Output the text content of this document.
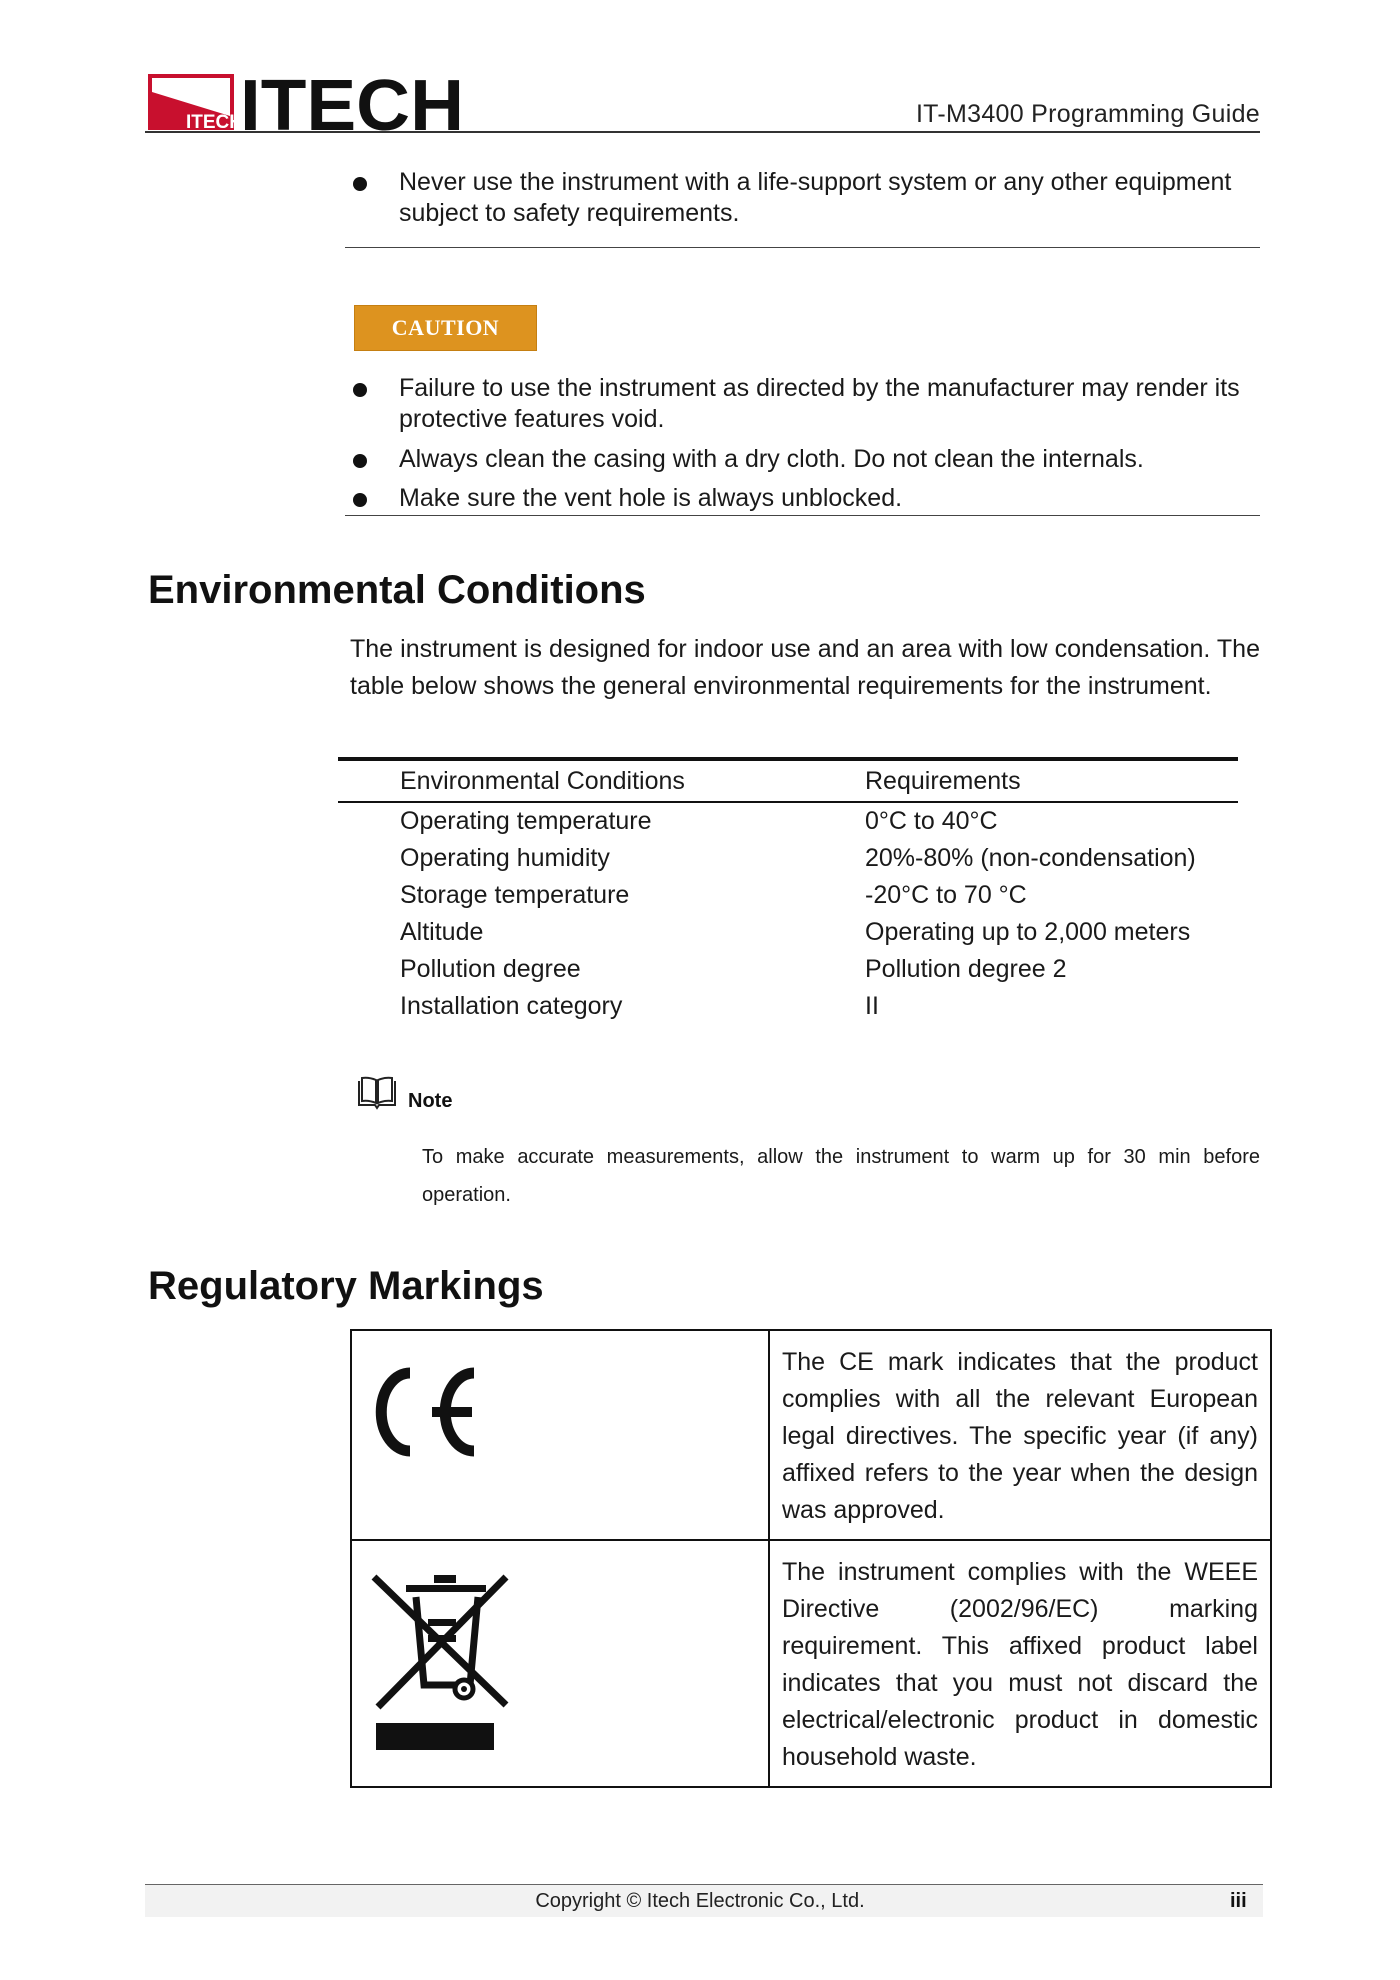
ITECH
ITECH	IT-M3400 Programming Guide
Never use the instrument with a life-support system or any other equipment subject to safety requirements.
CAUTION
Failure to use the instrument as directed by the manufacturer may render its protective features void.
Always clean the casing with a dry cloth. Do not clean the internals.
Make sure the vent hole is always unblocked.
Environmental Conditions

The instrument is designed for indoor use and an area with low condensation. The table below shows the general environmental requirements for the instrument.

Environmental Conditions	Requirements
Operating temperature	0°C to 40°C
Operating humidity	20%-80% (non-condensation)
Storage temperature	-20°C to 70 °C
Altitude	Operating up to 2,000 meters
Pollution degree	Pollution degree 2
Installation category	II
Note

To make accurate measurements, allow the instrument to warm up for 30 min before operation.

Regulatory Markings
	The CE mark indicates that the product complies with all the relevant European legal directives. The specific year (if any) affixed refers to the year when the design was approved.

	The instrument complies with the WEEE Directive (2002/96/EC) marking requirement. This affixed product label indicates that you must not discard the electrical/electronic product in domestic household waste.
Copyright © Itech Electronic Co., Ltd.	iii
